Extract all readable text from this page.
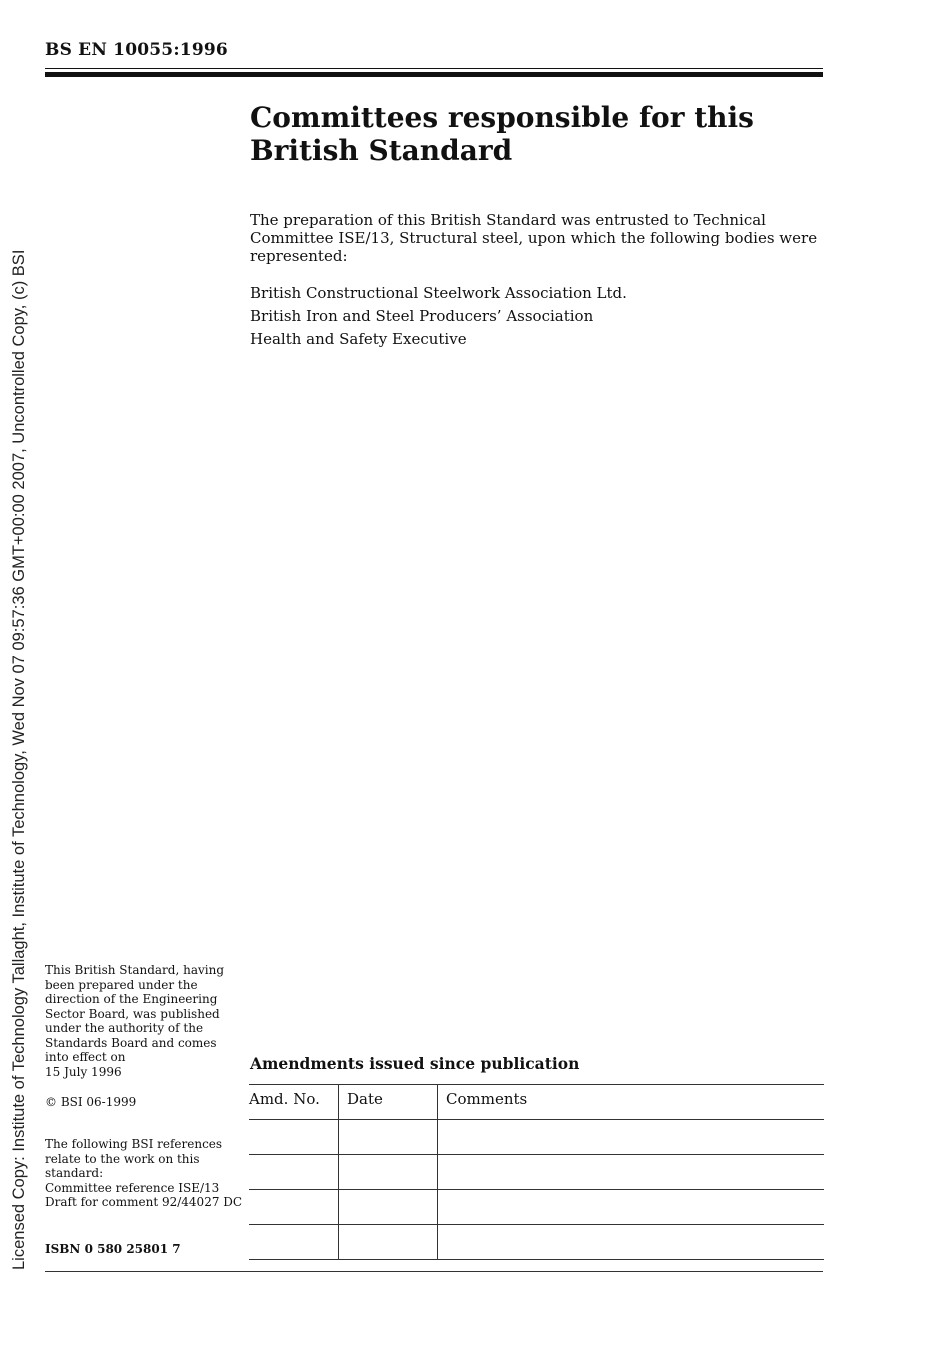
Licensed Copy: Institute of Technology Tallaght, Institute of Technology, Wed Nov 07 09:57:36 GMT+00:00 2007, Uncontrolled Copy, (c) BSI
BS EN 10055:1996
Committees responsible for this
British Standard

The preparation of this British Standard was entrusted to Technical Committee ISE/13, Structural steel, upon which the following bodies were represented:

British Constructional Steelwork Association Ltd.
British Iron and Steel Producers’ Association
Health and Safety Executive
This British Standard, having been prepared under the direction of the Engineering Sector Board, was published under the authority of the Standards Board and comes into effect on
15 July 1996
© BSI 06-1999
The following BSI references relate to the work on this standard:
Committee reference ISE/13
Draft for comment 92/44027 DC
ISBN 0 580 25801 7
Amendments issued since publication
Amd. No.	Date	Comments
